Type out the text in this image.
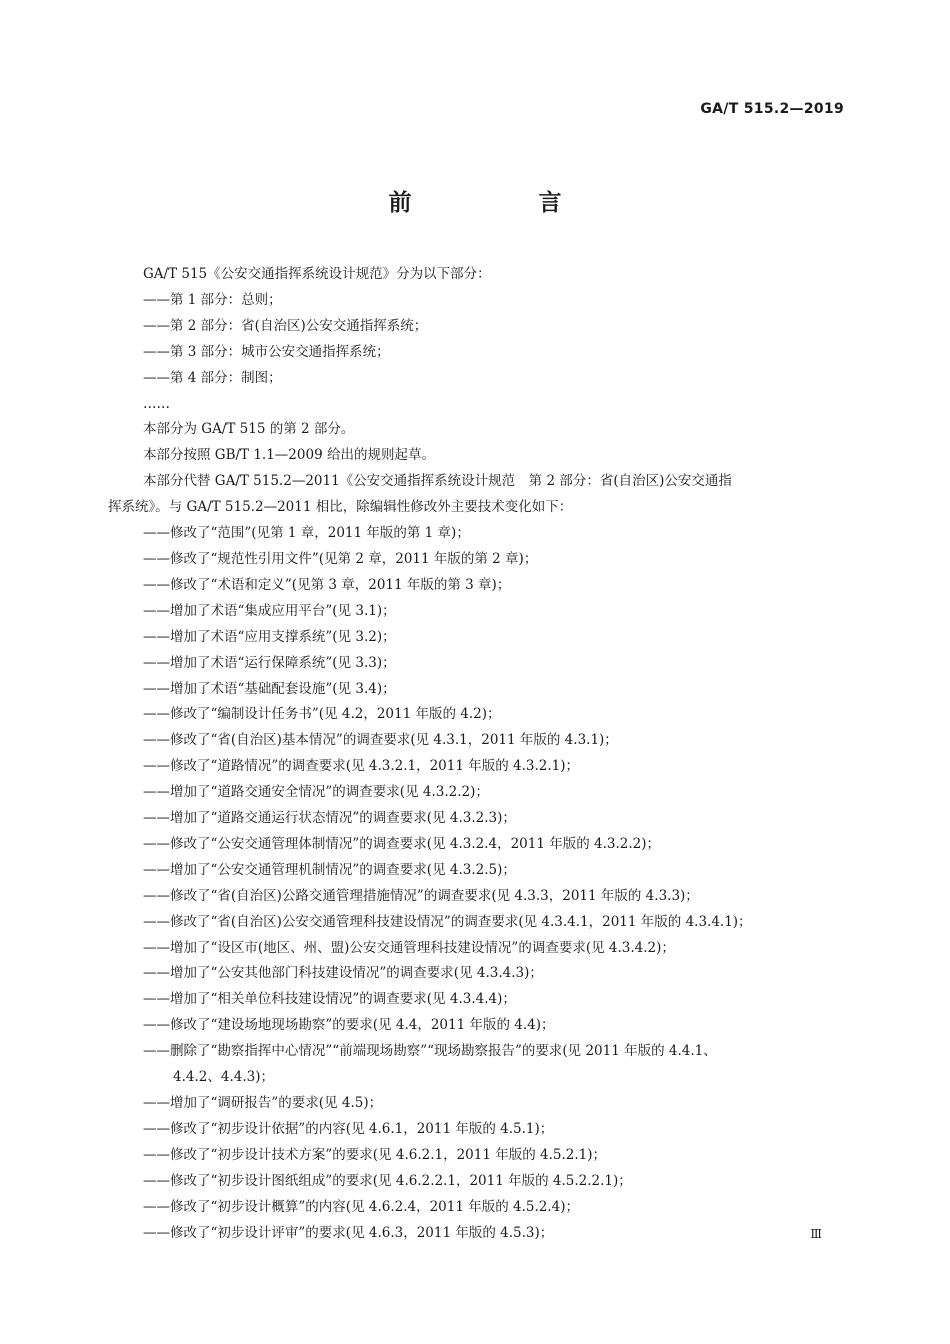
GA/T 515.2—2019
前　言
GA/T 515《公安交通指挥系统设计规范》分为以下部分：
——第 1 部分：总则；
——第 2 部分：省(自治区)公安交通指挥系统；
——第 3 部分：城市公安交通指挥系统；
——第 4 部分：制图；
……
本部分为 GA/T 515 的第 2 部分。
本部分按照 GB/T 1.1—2009 给出的规则起草。
本部分代替 GA/T 515.2—2011《公安交通指挥系统设计规范　第 2 部分：省(自治区)公安交通指
挥系统》。与 GA/T 515.2—2011 相比，除编辑性修改外主要技术变化如下：
——修改了“范围”(见第 1 章，2011 年版的第 1 章)；
——修改了“规范性引用文件”(见第 2 章，2011 年版的第 2 章)；
——修改了“术语和定义”(见第 3 章，2011 年版的第 3 章)；
——增加了术语“集成应用平台”(见 3.1)；
——增加了术语“应用支撑系统”(见 3.2)；
——增加了术语“运行保障系统”(见 3.3)；
——增加了术语“基础配套设施”(见 3.4)；
——修改了“编制设计任务书”(见 4.2，2011 年版的 4.2)；
——修改了“省(自治区)基本情况”的调查要求(见 4.3.1，2011 年版的 4.3.1)；
——修改了“道路情况”的调查要求(见 4.3.2.1，2011 年版的 4.3.2.1)；
——增加了“道路交通安全情况”的调查要求(见 4.3.2.2)；
——增加了“道路交通运行状态情况”的调查要求(见 4.3.2.3)；
——修改了“公安交通管理体制情况”的调查要求(见 4.3.2.4，2011 年版的 4.3.2.2)；
——增加了“公安交通管理机制情况”的调查要求(见 4.3.2.5)；
——修改了“省(自治区)公路交通管理措施情况”的调查要求(见 4.3.3，2011 年版的 4.3.3)；
——修改了“省(自治区)公安交通管理科技建设情况”的调查要求(见 4.3.4.1，2011 年版的 4.3.4.1)；
——增加了“设区市(地区、州、盟)公安交通管理科技建设情况”的调查要求(见 4.3.4.2)；
——增加了“公安其他部门科技建设情况”的调查要求(见 4.3.4.3)；
——增加了“相关单位科技建设情况”的调查要求(见 4.3.4.4)；
——修改了“建设场地现场勘察”的要求(见 4.4，2011 年版的 4.4)；
——删除了“勘察指挥中心情况”“前端现场勘察”“现场勘察报告”的要求(见 2011 年版的 4.4.1、
4.4.2、4.4.3)；
——增加了“调研报告”的要求(见 4.5)；
——修改了“初步设计依据”的内容(见 4.6.1，2011 年版的 4.5.1)；
——修改了“初步设计技术方案”的要求(见 4.6.2.1，2011 年版的 4.5.2.1)；
——修改了“初步设计图纸组成”的要求(见 4.6.2.2.1，2011 年版的 4.5.2.2.1)；
——修改了“初步设计概算”的内容(见 4.6.2.4，2011 年版的 4.5.2.4)；
——修改了“初步设计评审”的要求(见 4.6.3，2011 年版的 4.5.3)；	Ⅲ
